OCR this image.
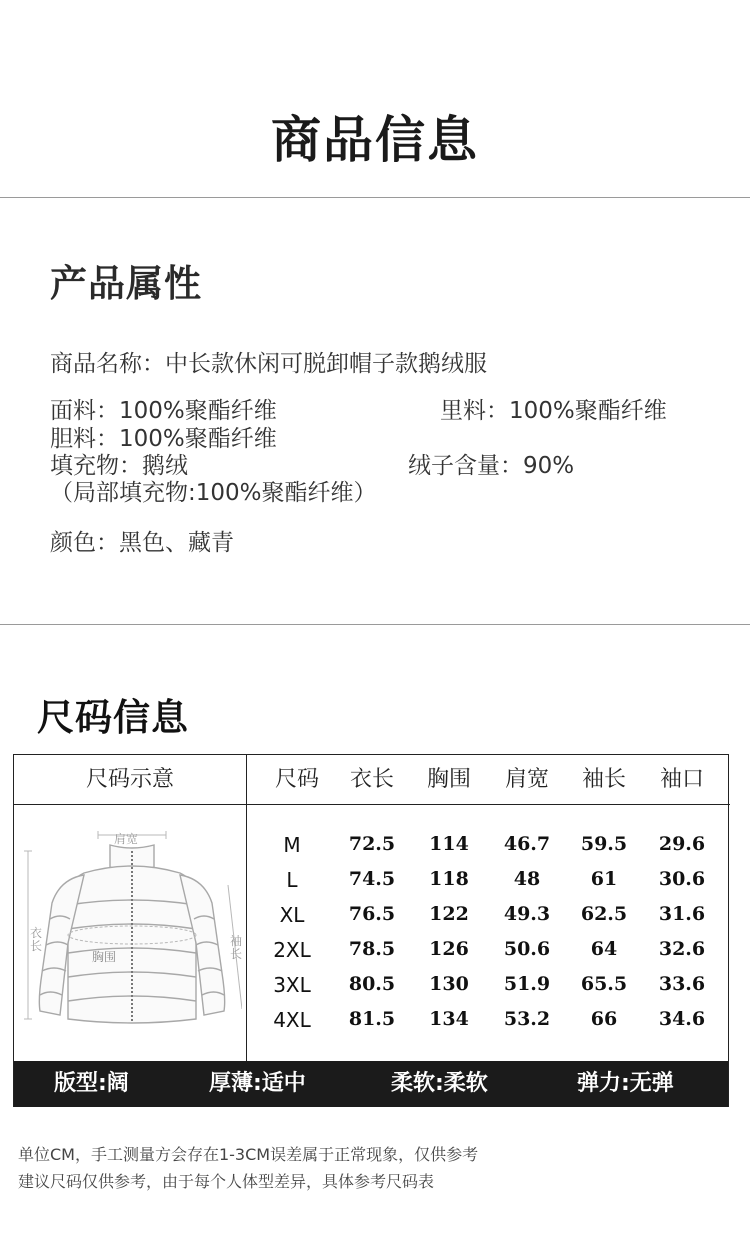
商品信息
产品属性
商品名称：中长款休闲可脱卸帽子款鹅绒服
面料：100%聚酯纤维	里料：100%聚酯纤维
胆料：100%聚酯纤维
填充物：鹅绒	绒子含量：90%
（局部填充物:100%聚酯纤维）
颜色：黑色、藏青
尺码信息
尺码示意
肩宽
衣长
胸围
袖长
尺码	衣长	胸围	肩宽	袖长	袖口
M	72.5	114	46.7	59.5	29.6
L	74.5	118	48	61	30.6
XL	76.5	122	49.3	62.5	31.6
2XL	78.5	126	50.6	64	32.6
3XL	80.5	130	51.9	65.5	33.6
4XL	81.5	134	53.2	66	34.6
版型:阔	厚薄:适中	柔软:柔软	弹力:无弹
单位CM，手工测量方会存在1-3CM误差属于正常现象，仅供参考
建议尺码仅供参考，由于每个人体型差异，具体参考尺码表
